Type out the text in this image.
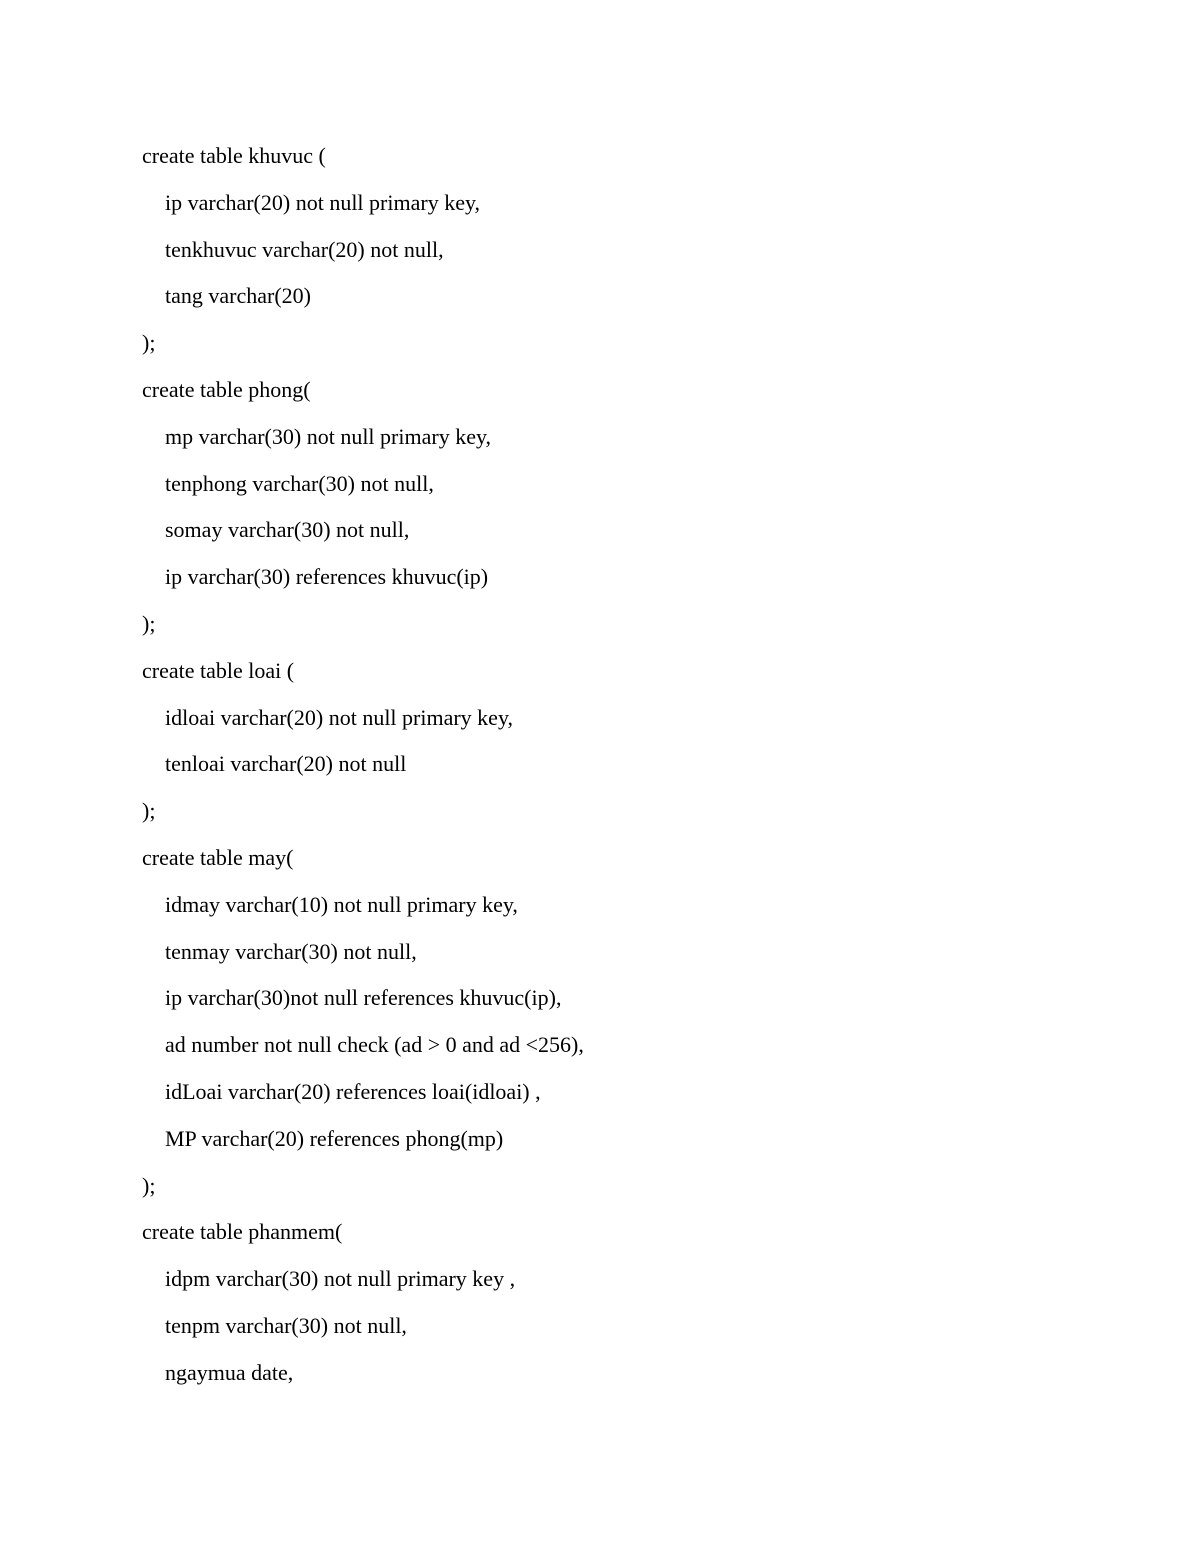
create table khuvuc (
ip varchar(20) not null primary key,
tenkhuvuc varchar(20) not null,
tang varchar(20)
);
create table phong(
mp varchar(30) not null primary key,
tenphong varchar(30) not null,
somay varchar(30) not null,
ip varchar(30) references khuvuc(ip)
);
create table loai (
idloai varchar(20) not null primary key,
tenloai varchar(20) not null
);
create table may(
idmay varchar(10) not null primary key,
tenmay varchar(30) not null,
ip varchar(30)not null references khuvuc(ip),
ad number not null check (ad > 0 and ad <256),
idLoai varchar(20) references loai(idloai) ,
MP varchar(20) references phong(mp)
);
create table phanmem(
idpm varchar(30) not null primary key ,
tenpm varchar(30) not null,
ngaymua date,
